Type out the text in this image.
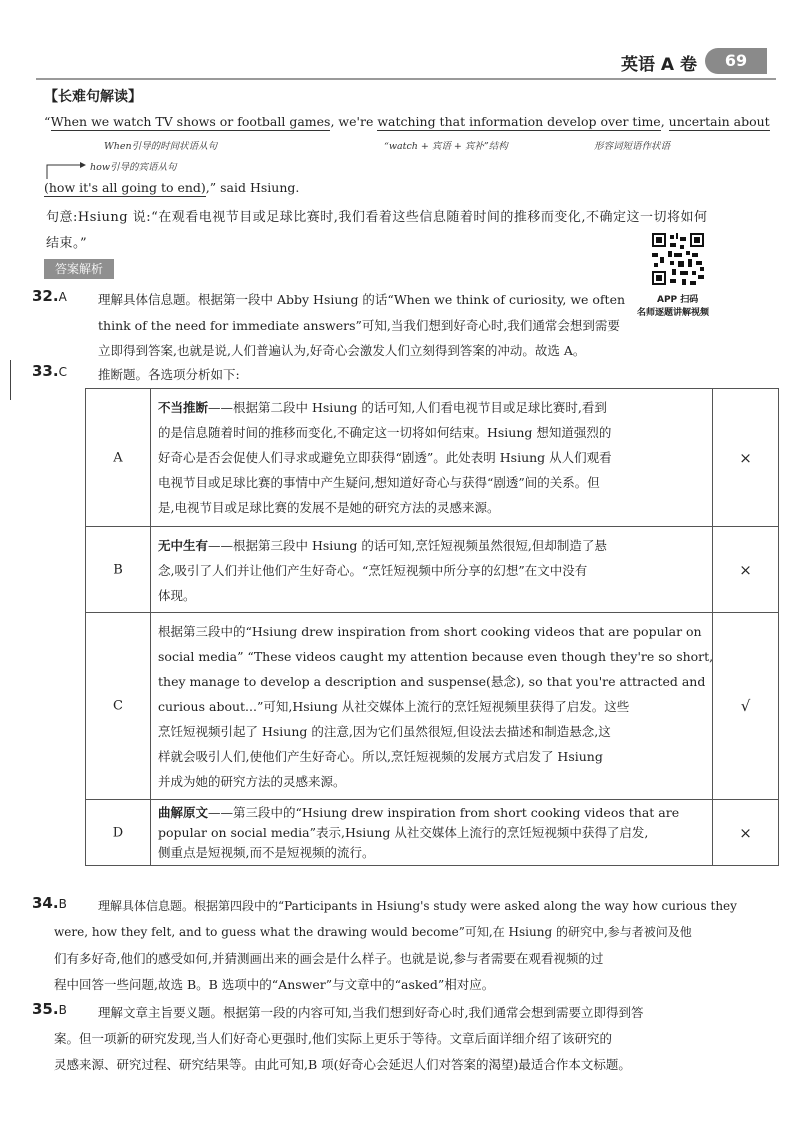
英语 A 卷	69
【长难句解读】
“When we watch TV shows or football games, we're watching that information develop over time, uncertain about
When引导的时间状语从句	“watch + 宾语 + 宾补”结构	形容词短语作状语
how引导的宾语从句
(how it's all going to end),” said Hsiung.
句意:Hsiung 说:“在观看电视节目或足球比赛时,我们看着这些信息随着时间的推移而变化,不确定这一切将如何
结束。”
答案解析
APP 扫码
名师逐题讲解视频
32.A 理解具体信息题。根据第一段中 Abby Hsiung 的话“When we think of curiosity, we often
think of the need for immediate answers”可知,当我们想到好奇心时,我们通常会想到需要
立即得到答案,也就是说,人们普遍认为,好奇心会激发人们立刻得到答案的冲动。故选 A。
33.C 推断题。各选项分析如下:
A
不当推断——根据第二段中 Hsiung 的话可知,人们看电视节目或足球比赛时,看到
的是信息随着时间的推移而变化,不确定这一切将如何结束。Hsiung 想知道强烈的
好奇心是否会促使人们寻求或避免立即获得“剧透”。此处表明 Hsiung 从人们观看
电视节目或足球比赛的事情中产生疑问,想知道好奇心与获得“剧透”间的关系。但
是,电视节目或足球比赛的发展不是她的研究方法的灵感来源。
×
B
无中生有——根据第三段中 Hsiung 的话可知,烹饪短视频虽然很短,但却制造了悬
念,吸引了人们并让他们产生好奇心。“烹饪短视频中所分享的幻想”在文中没有
体现。
×
C
根据第三段中的“Hsiung drew inspiration from short cooking videos that are popular on
social media” “These videos caught my attention because even though they're so short,
they manage to develop a description and suspense(悬念), so that you're attracted and
curious about...”可知,Hsiung 从社交媒体上流行的烹饪短视频里获得了启发。这些
烹饪短视频引起了 Hsiung 的注意,因为它们虽然很短,但设法去描述和制造悬念,这
样就会吸引人们,使他们产生好奇心。所以,烹饪短视频的发展方式启发了 Hsiung
并成为她的研究方法的灵感来源。
√
D
曲解原文——第三段中的“Hsiung drew inspiration from short cooking videos that are
popular on social media”表示,Hsiung 从社交媒体上流行的烹饪短视频中获得了启发,
侧重点是短视频,而不是短视频的流行。
×
34.B	理解具体信息题。根据第四段中的“Participants in Hsiung's study were asked along the way how curious they
were, how they felt, and to guess what the drawing would become”可知,在 Hsiung 的研究中,参与者被问及他
们有多好奇,他们的感受如何,并猜测画出来的画会是什么样子。也就是说,参与者需要在观看视频的过
程中回答一些问题,故选 B。B 选项中的“Answer”与文章中的“asked”相对应。
35.B 理解文章主旨要义题。根据第一段的内容可知,当我们想到好奇心时,我们通常会想到需要立即得到答
案。但一项新的研究发现,当人们好奇心更强时,他们实际上更乐于等待。文章后面详细介绍了该研究的
灵感来源、研究过程、研究结果等。由此可知,B 项(好奇心会延迟人们对答案的渴望)最适合作本文标题。
